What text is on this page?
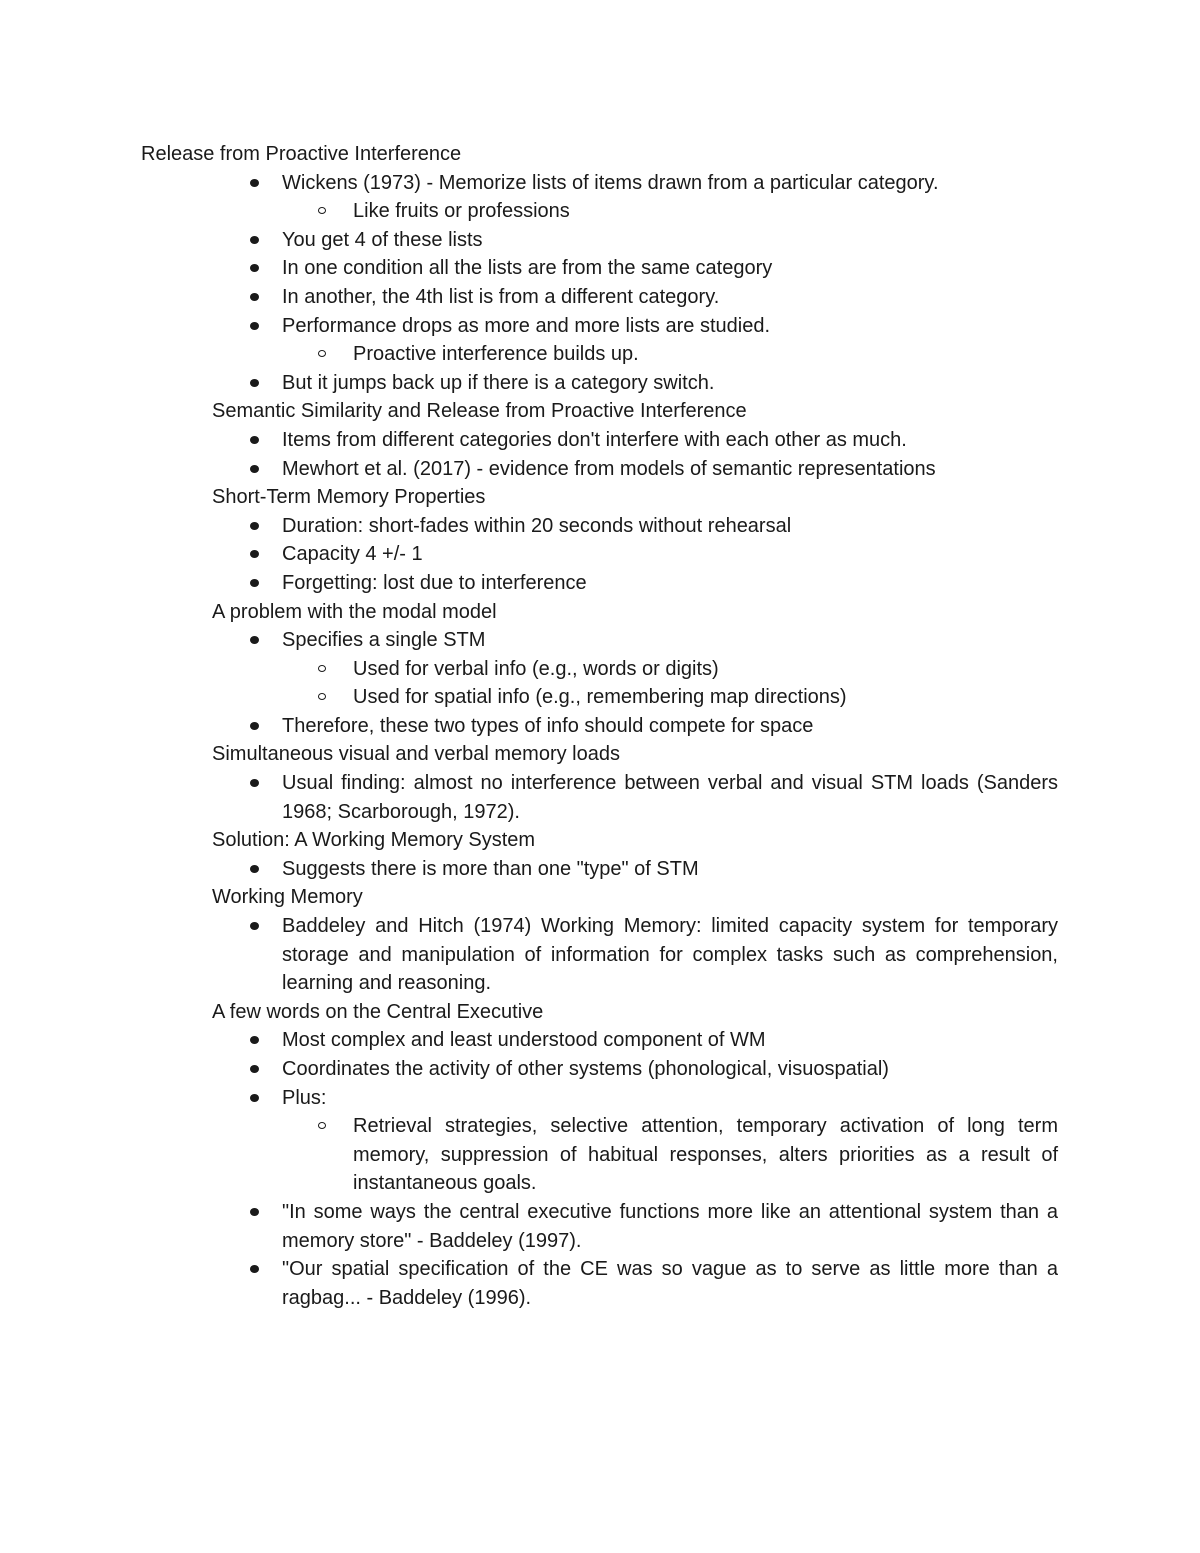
Release from Proactive Interference
Wickens (1973) - Memorize lists of items drawn from a particular category.
Like fruits or professions
You get 4 of these lists
In one condition all the lists are from the same category
In another, the 4th list is from a different category.
Performance drops as more and more lists are studied.
Proactive interference builds up.
But it jumps back up if there is a category switch.
Semantic Similarity and Release from Proactive Interference
Items from different categories don't interfere with each other as much.
Mewhort et al. (2017) - evidence from models of semantic representations
Short-Term Memory Properties
Duration: short-fades within 20 seconds without rehearsal
Capacity 4 +/- 1
Forgetting: lost due to interference
A problem with the modal model
Specifies a single STM
Used for verbal info (e.g., words or digits)
Used for spatial info (e.g., remembering map directions)
Therefore, these two types of info should compete for space
Simultaneous visual and verbal memory loads
Usual finding: almost no interference between verbal and visual STM loads (Sanders 1968; Scarborough, 1972).
Solution: A Working Memory System
Suggests there is more than one "type" of STM
Working Memory
Baddeley and Hitch (1974) Working Memory: limited capacity system for temporary storage and manipulation of information for complex tasks such as comprehension, learning and reasoning.
A few words on the Central Executive
Most complex and least understood component of WM
Coordinates the activity of other systems (phonological, visuospatial)
Plus:
Retrieval strategies, selective attention, temporary activation of long term memory, suppression of habitual responses, alters priorities as a result of instantaneous goals.
"In some ways the central executive functions more like an attentional system than a memory store" - Baddeley (1997).
"Our spatial specification of the CE was so vague as to serve as little more than a ragbag... - Baddeley (1996).
